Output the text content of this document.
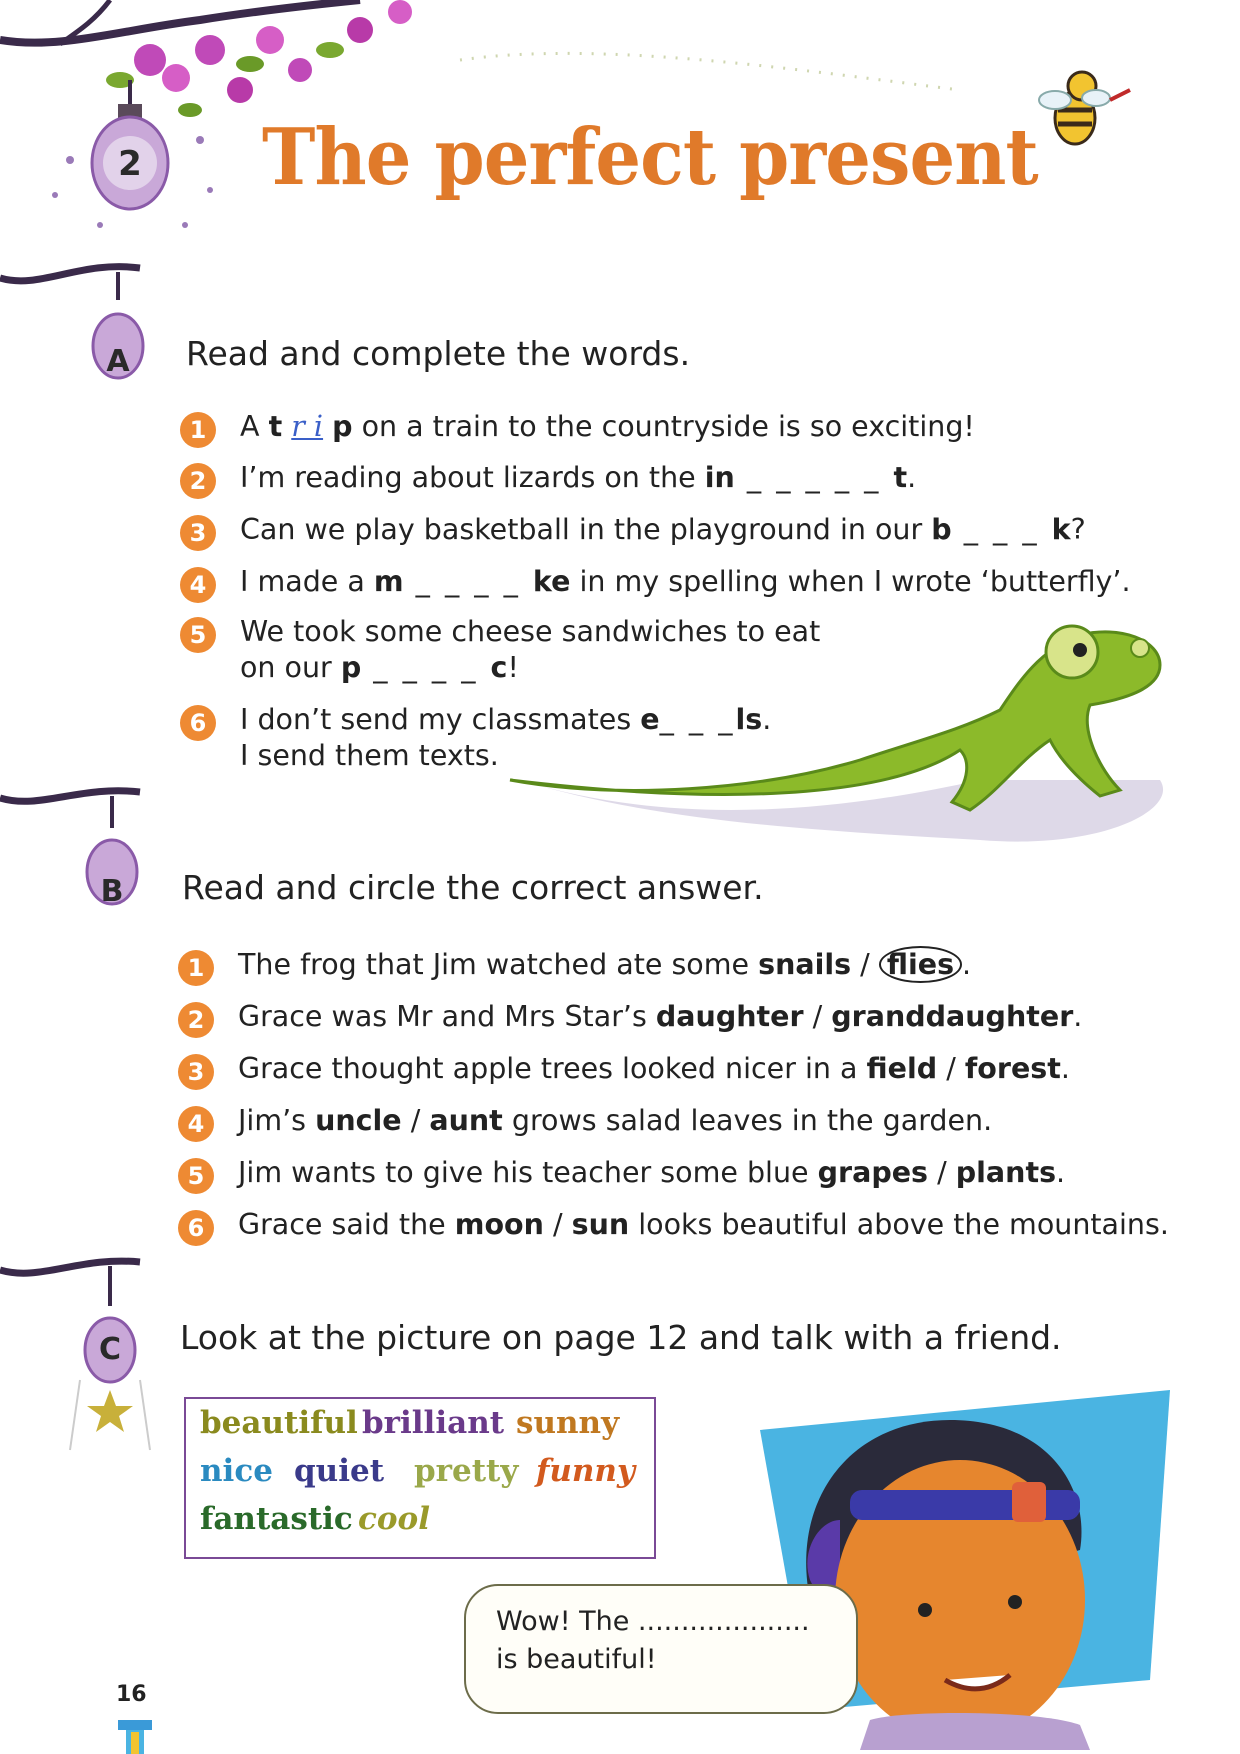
2 The perfect present
A	Read and complete the words.
1	A t r i p on a train to the countryside is so exciting!
2	I’m reading about lizards on the in _ _ _ _ _ t.
3	Can we play basketball in the playground in our b _ _ _ k?
4	I made a m _ _ _ _ ke in my spelling when I wrote ‘butterfly’.
5	We took some cheese sandwiches to eat
on our p _ _ _ _ c!
6	I don’t send my classmates e_ _ _ls.
I send them texts.
B	Read and circle the correct answer.
1	The frog that Jim watched ate some snails / flies .
2	Grace was Mr and Mrs Star’s daughter / granddaughter.
3	Grace thought apple trees looked nicer in a field / forest.
4	Jim’s uncle / aunt grows salad leaves in the garden.
5	Jim wants to give his teacher some blue grapes / plants.
6	Grace said the moon / sun looks beautiful above the mountains.
C	Look at the picture on page 12 and talk with a friend.
beautiful brilliant sunny
nice quiet pretty funny
fantastic cool
Wow! The ....................
is beautiful!
16
